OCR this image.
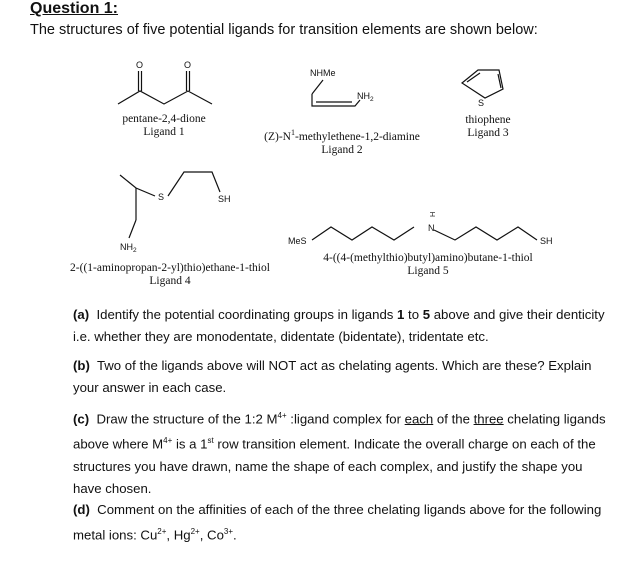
Question 1:
The structures of five potential ligands for transition elements are shown below:
O	O
NHMe
$NH_2$	S
S	SH
$NH_2$
MeS
H
N
SH
pentane-2,4-dione
Ligand 1	$(Z)-N^1-methylethene-1,2$-diamine
Ligand 2
thiophene
Ligand 3
2-((1-aminopropan-2-yl)thio)ethane-1-thiol
Ligand 4
4-((4-(methylthio)butyl)amino)butane-1-thiol
Ligand 5
(a) Identify the potential coordinating groups in ligands 1 to 5 above and give their denticity i.e. whether they are monodentate, didentate (bidentate), tridentate etc.
(b) Two of the ligands above will NOT act as chelating agents. Which are these? Explain your answer in each case.
(c) Draw the structure of the 1:2 $M^{4+}$ :ligand complex for each of the three chelating ligands above where $M^{4+}$ is a 1st row transition element. Indicate the overall charge on each of the structures you have drawn, name the shape of each complex, and justify the shape you have chosen.
(d) Comment on the affinities of each of the three chelating ligands above for the following metal ions: $Cu^{2+}$, $Hg^{2+}$, $Co^{3+}$.
